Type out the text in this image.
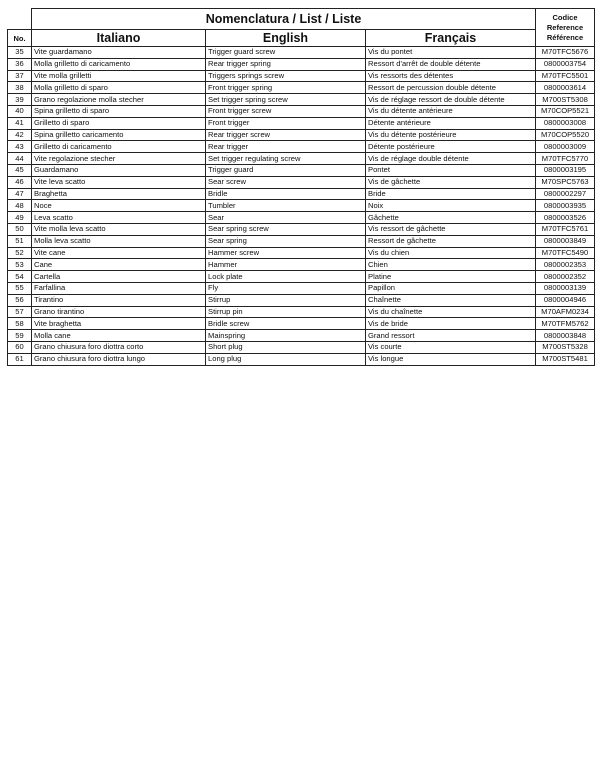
	Nomenclatura / List / Liste			Codice
Reference
Référence

No.	Italiano	English	Français	
35	Vite guardamano	Trigger guard screw	Vis du pontet	M70TFC5676
36	Molla grilletto di caricamento	Rear trigger spring	Ressort d'arrêt de double détente	0800003754
37	Vite molla grilletti	Triggers springs screw	Vis ressorts des détentes	M70TFC5501
38	Molla grilletto di sparo	Front trigger spring	Ressort de percussion double détente	0800003614
39	Grano regolazione molla stecher	Set trigger spring screw	Vis de réglage ressort de double détente	M700ST5308
40	Spina grilletto di sparo	Front trigger screw	Vis du détente antérieure	M70COP5521
41	Grilletto di sparo	Front trigger	Détente antérieure	0800003008
42	Spina grilletto caricamento	Rear trigger screw	Vis du détente postérieure	M70COP5520
43	Grilletto di caricamento	Rear trigger	Détente postérieure	0800003009
44	Vite regolazione stecher	Set trigger regulating screw	Vis de réglage double détente	M70TFC5770
45	Guardamano	Trigger guard	Pontet	0800003195
46	Vite leva scatto	Sear screw	Vis de gâchette	M70SPC5763
47	Braghetta	Bridle	Bride	0800002297
48	Noce	Tumbler	Noix	0800003935
49	Leva scatto	Sear	Gâchette	0800003526
50	Vite molla leva scatto	Sear spring screw	Vis ressort de gâchette	M70TFC5761
51	Molla leva scatto	Sear spring	Ressort de gâchette	0800003849
52	Vite cane	Hammer screw	Vis du chien	M70TFC5490
53	Cane	Hammer	Chien	0800002353
54	Cartella	Lock plate	Platine	0800002352
55	Farfallina	Fly	Papillon	0800003139
56	Tirantino	Stirrup	Chaînette	0800004946
57	Grano tirantino	Stirrup pin	Vis du chaînette	M70AFM0234
58	Vite braghetta	Bridle screw	Vis de bride	M70TFM5762
59	Molla cane	Mainspring	Grand ressort	0800003848
60	Grano chiusura foro diottra corto	Short plug	Vis courte	M700ST5328
61	Grano chiusura foro diottra lungo	Long plug	Vis longue	M700ST5481
